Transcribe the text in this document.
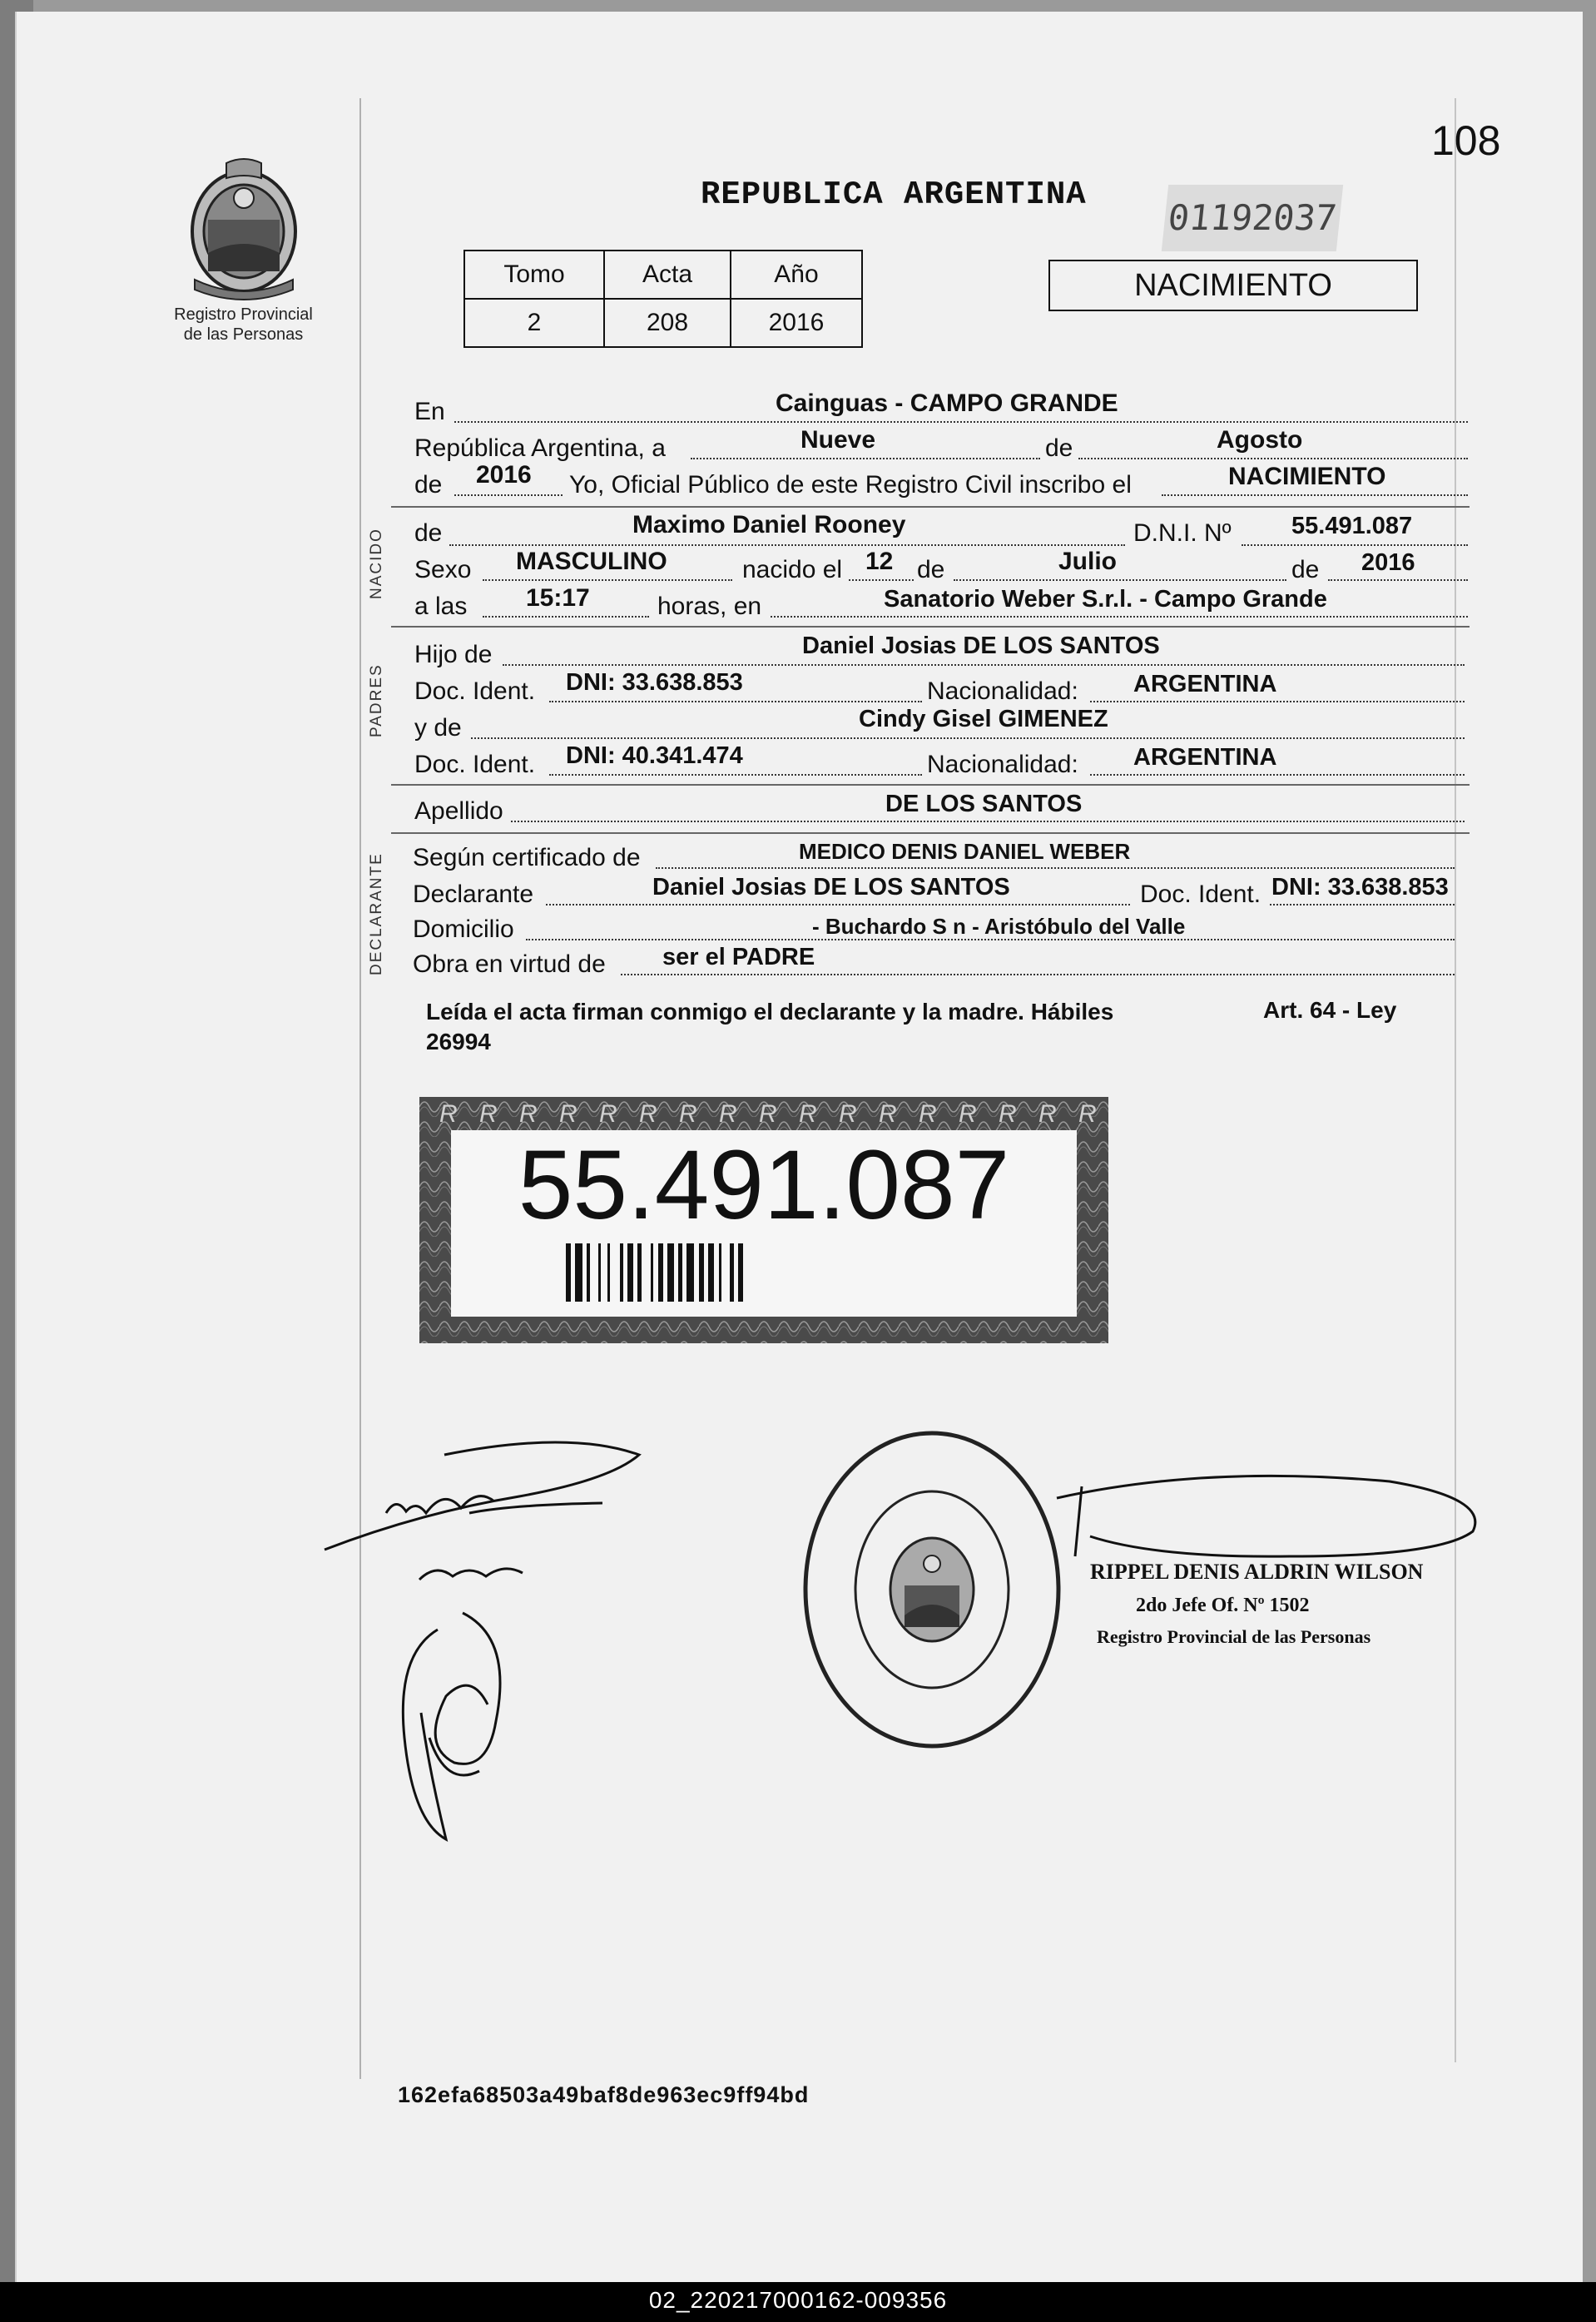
108
Registro Provincial
de las Personas
REPUBLICA ARGENTINA
01192037
Tomo	Acta	Año
2	208	2016
NACIMIENTO
En	Cainguas - CAMPO GRANDE
República Argentina, a	Nueve	de	Agosto
de 2016 Yo, Oficial Público de este Registro Civil inscribo el	NACIMIENTO
NACIDO de	Maximo Daniel Rooney	D.N.I. Nº 55.491.087
Sexo MASCULINO	nacido el 12 de	Julio	de 2016
a las 15:17	horas, en	Sanatorio Weber S.r.l. - Campo Grande
PADRES
Hijo de	Daniel Josias DE LOS SANTOS
Doc. Ident. DNI: 33.638.853	Nacionalidad: ARGENTINA
y de	Cindy Gisel GIMENEZ
Doc. Ident. DNI: 40.341.474	Nacionalidad: ARGENTINA
Apellido	DE LOS SANTOS
DECLARANTE Según certificado de	MEDICO DENIS DANIEL WEBER
Declarante	Daniel Josias DE LOS SANTOS	Doc. Ident. DNI: 33.638.853
Domicilio	- Buchardo S n - Aristóbulo del Valle
Obra en virtud de ser el PADRE
Leída el acta firman conmigo el declarante y la madre. Hábiles
26994
Art. 64 - Ley
R R R R R R R R R R R R R R R R R
55.491.087
RIPPEL DENIS ALDRIN WILSON
2do Jefe Of. Nº 1502
Registro Provincial de las Personas
162efa68503a49baf8de963ec9ff94bd
02_220217000162-009356
